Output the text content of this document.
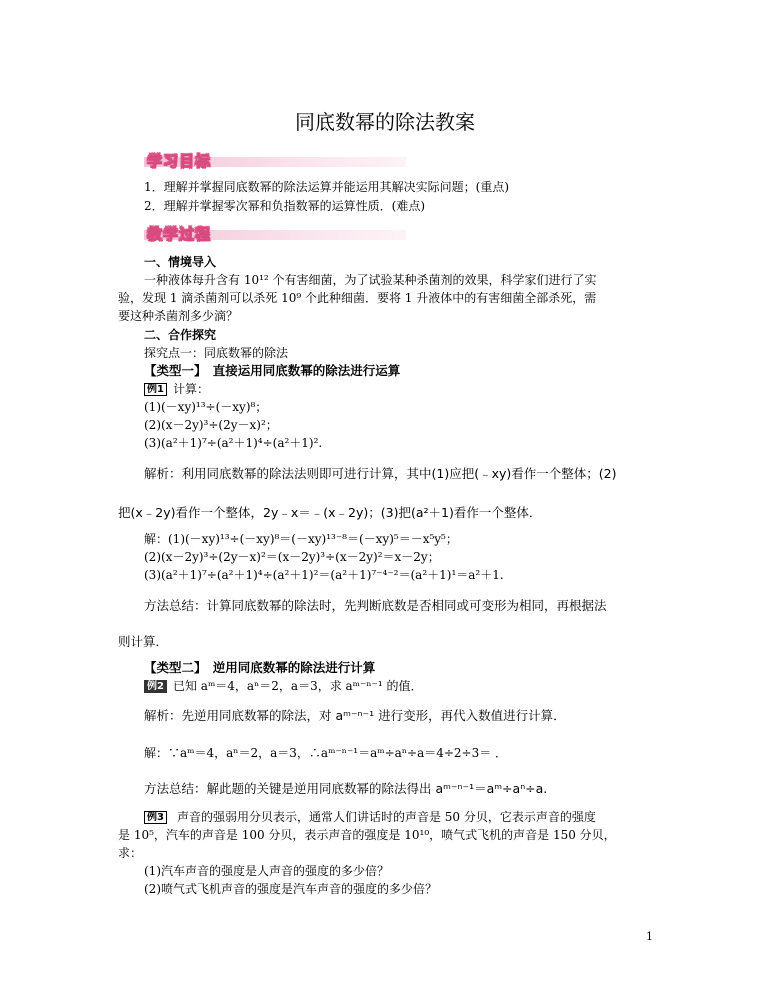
同底数幂的除法教案
学习目标
1．理解并掌握同底数幂的除法运算并能运用其解决实际问题；(重点)
2．理解并掌握零次幂和负指数幂的运算性质．(难点)
教学过程
一、情境导入
一种液体每升含有 10¹² 个有害细菌，为了试验某种杀菌剂的效果，科学家们进行了实
验，发现 1 滴杀菌剂可以杀死 10⁹ 个此种细菌．要将 1 升液体中的有害细菌全部杀死，需
要这种杀菌剂多少滴？
二、合作探究
探究点一：同底数幂的除法
【类型一】　直接运用同底数幂的除法进行运算
例1 计算：
(1)(－xy)¹³÷(－xy)⁸；
(2)(x－2y)³÷(2y－x)²；
(3)(a²＋1)⁷÷(a²＋1)⁴÷(a²＋1)².
解析：利用同底数幂的除法法则即可进行计算，其中(1)应把(﹣xy)看作一个整体；(2)
把(x﹣2y)看作一个整体，2y﹣x＝﹣(x﹣2y)；(3)把(a²＋1)看作一个整体．
解：(1)(－xy)¹³÷(－xy)⁸＝(－xy)¹³⁻⁸＝(－xy)⁵＝－x⁵y⁵；
(2)(x－2y)³÷(2y－x)²＝(x－2y)³÷(x－2y)²＝x－2y；
(3)(a²＋1)⁷÷(a²＋1)⁴÷(a²＋1)²＝(a²＋1)⁷⁻⁴⁻²＝(a²＋1)¹＝a²＋1.
方法总结：计算同底数幂的除法时，先判断底数是否相同或可变形为相同，再根据法
则计算．
【类型二】　逆用同底数幂的除法进行计算
例2 已知 aᵐ＝4，aⁿ＝2，a＝3，求 aᵐ⁻ⁿ⁻¹ 的值．
解析：先逆用同底数幂的除法，对 aᵐ⁻ⁿ⁻¹ 进行变形，再代入数值进行计算．
解：∵aᵐ＝4，aⁿ＝2，a＝3，∴aᵐ⁻ⁿ⁻¹＝aᵐ÷aⁿ÷a＝4÷2÷3＝ ．
方法总结：解此题的关键是逆用同底数幂的除法得出 aᵐ⁻ⁿ⁻¹＝aᵐ÷aⁿ÷a.
例3 声音的强弱用分贝表示，通常人们讲话时的声音是 50 分贝，它表示声音的强度
是 10⁵，汽车的声音是 100 分贝，表示声音的强度是 10¹⁰，喷气式飞机的声音是 150 分贝，
求：
(1)汽车声音的强度是人声音的强度的多少倍？
(2)喷气式飞机声音的强度是汽车声音的强度的多少倍？
1
